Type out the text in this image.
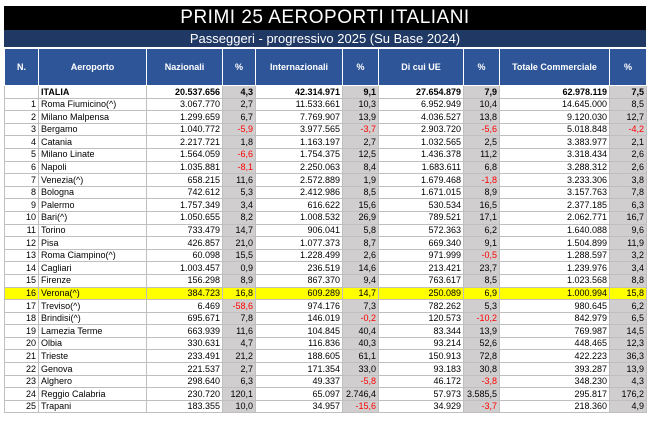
PRIMI 25 AEROPORTI ITALIANI
Passeggeri - progressivo 2025 (Su Base 2024)
N.	Aeroporto	Nazionali	%	Internazionali	%	Di cui UE	%	Totale Commerciale	%
	ITALIA	20.537.656	4,3	42.314.971	9,1	27.654.879	7,9	62.978.119	7,5
1	Roma Fiumicino(^)	3.067.770	2,7	11.533.661	10,3	6.952.949	10,4	14.645.000	8,5
2	Milano Malpensa	1.299.659	6,7	7.769.907	13,9	4.036.527	13,8	9.120.030	12,7
3	Bergamo	1.040.772	-5,9	3.977.565	-3,7	2.903.720	-5,6	5.018.848	-4,2
4	Catania	2.217.721	1,8	1.163.197	2,7	1.032.565	2,5	3.383.977	2,1
5	Milano Linate	1.564.059	-6,6	1.754.375	12,5	1.436.378	11,2	3.318.434	2,6
6	Napoli	1.035.881	-8,1	2.250.063	8,4	1.683.611	6,8	3.288.312	2,6
7	Venezia(^)	658.215	11,6	2.572.889	1,9	1.679.468	-1,8	3.233.306	3,8
8	Bologna	742.612	5,3	2.412.986	8,5	1.671.015	8,9	3.157.763	7,8
9	Palermo	1.757.349	3,4	616.622	15,6	530.534	16,5	2.377.185	6,3
10	Bari(^)	1.050.655	8,2	1.008.532	26,9	789.521	17,1	2.062.771	16,7
11	Torino	733.479	14,7	906.041	5,8	572.363	6,2	1.640.088	9,6
12	Pisa	426.857	21,0	1.077.373	8,7	669.340	9,1	1.504.899	11,9
13	Roma Ciampino(^)	60.098	15,5	1.228.499	2,6	971.999	-0,5	1.288.597	3,2
14	Cagliari	1.003.457	0,9	236.519	14,6	213.421	23,7	1.239.976	3,4
15	Firenze	156.298	8,9	867.370	9,4	763.617	8,5	1.023.568	8,8
16	Verona(^)	384.723	16,8	609.289	14,7	250.089	6,9	1.000.994	15,8
17	Treviso(^)	6.469	-58,6	974.176	7,3	782.262	5,3	980.645	6,2
18	Brindisi(^)	695.671	7,8	146.019	-0,2	120.573	-10,2	842.979	6,5
19	Lamezia Terme	663.939	11,6	104.845	40,4	83.344	13,9	769.987	14,5
20	Olbia	330.631	4,7	116.836	40,3	93.214	52,6	448.465	12,3
21	Trieste	233.491	21,2	188.605	61,1	150.913	72,8	422.223	36,3
22	Genova	221.537	2,7	171.354	33,0	93.183	30,8	393.287	13,9
23	Alghero	298.640	6,3	49.337	-5,8	46.172	-3,8	348.230	4,3
24	Reggio Calabria	230.720	120,1	65.097	2.746,4	57.973	3.585,5	295.817	176,2
25	Trapani	183.355	10,0	34.957	-15,6	34.929	-3,7	218.360	4,9
